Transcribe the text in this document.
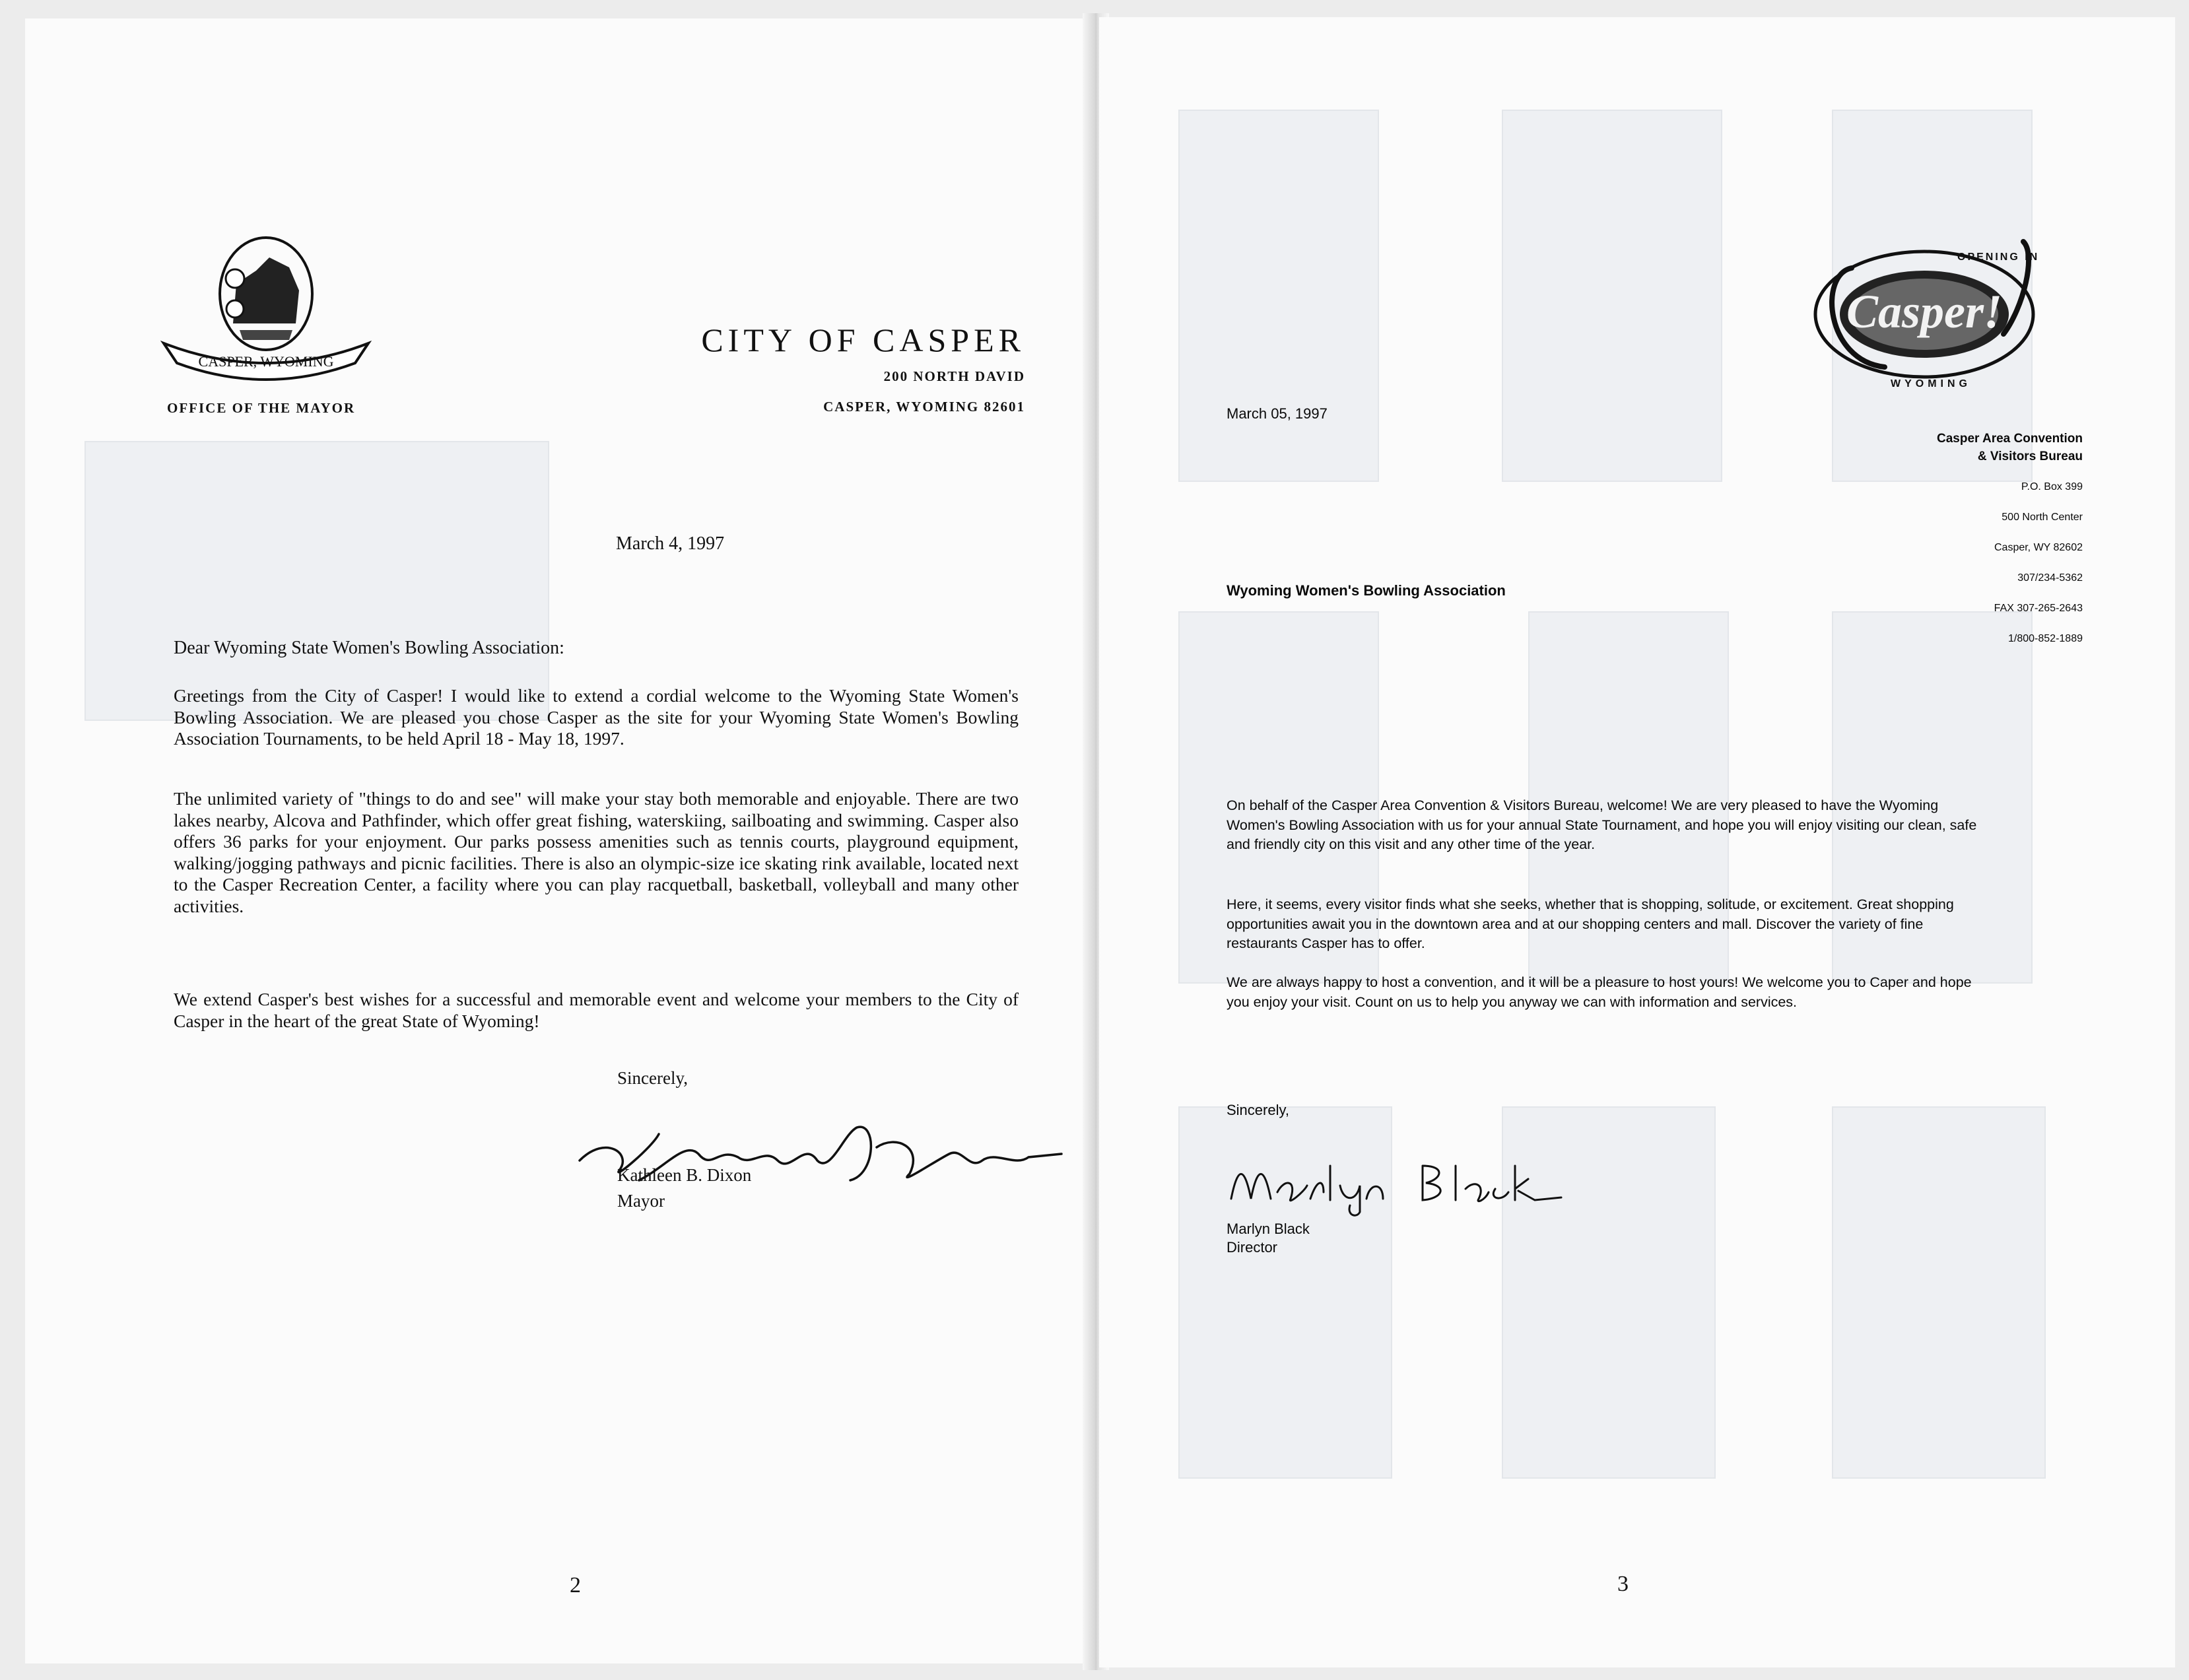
CASPER, WYOMING
OFFICE OF THE MAYOR
CITY OF CASPER
200 NORTH DAVID
CASPER, WYOMING 82601
March 4, 1997
Dear Wyoming State Women's Bowling Association:

Greetings from the City of Casper! I would like to extend a cordial welcome to the Wyoming State Women's Bowling Association. We are pleased you chose Casper as the site for your Wyoming State Women's Bowling Association Tournaments, to be held April 18 - May 18, 1997.

The unlimited variety of "things to do and see" will make your stay both memorable and enjoyable. There are two lakes nearby, Alcova and Pathfinder, which offer great fishing, waterskiing, sailboating and swimming. Casper also offers 36 parks for your enjoyment. Our parks possess amenities such as tennis courts, playground equipment, walking/jogging pathways and picnic facilities. There is also an olympic-size ice skating rink available, located next to the Casper Recreation Center, a facility where you can play racquetball, basketball, volleyball and many other activities.

We extend Casper's best wishes for a successful and memorable event and welcome your members to the City of Casper in the heart of the great State of Wyoming!

Sincerely,
Kathleen B. Dixon
Mayor
2
Casper!
OPENING IN
WYOMING
Casper Area Convention
& Visitors Bureau
P.O. Box 399
500 North Center
Casper, WY 82602
307/234-5362
FAX 307-265-2643
1/800-852-1889
March 05, 1997
Wyoming Women's Bowling Association

On behalf of the Casper Area Convention & Visitors Bureau, welcome! We are very pleased to have the Wyoming Women's Bowling Association with us for your annual State Tournament, and hope you will enjoy visiting our clean, safe and friendly city on this visit and any other time of the year.

Here, it seems, every visitor finds what she seeks, whether that is shopping, solitude, or excitement. Great shopping opportunities await you in the downtown area and at our shopping centers and mall. Discover the variety of fine restaurants Casper has to offer.

We are always happy to host a convention, and it will be a pleasure to host yours! We welcome you to Caper and hope you enjoy your visit. Count on us to help you anyway we can with information and services.

Sincerely,
Marlyn Black
Director
3
